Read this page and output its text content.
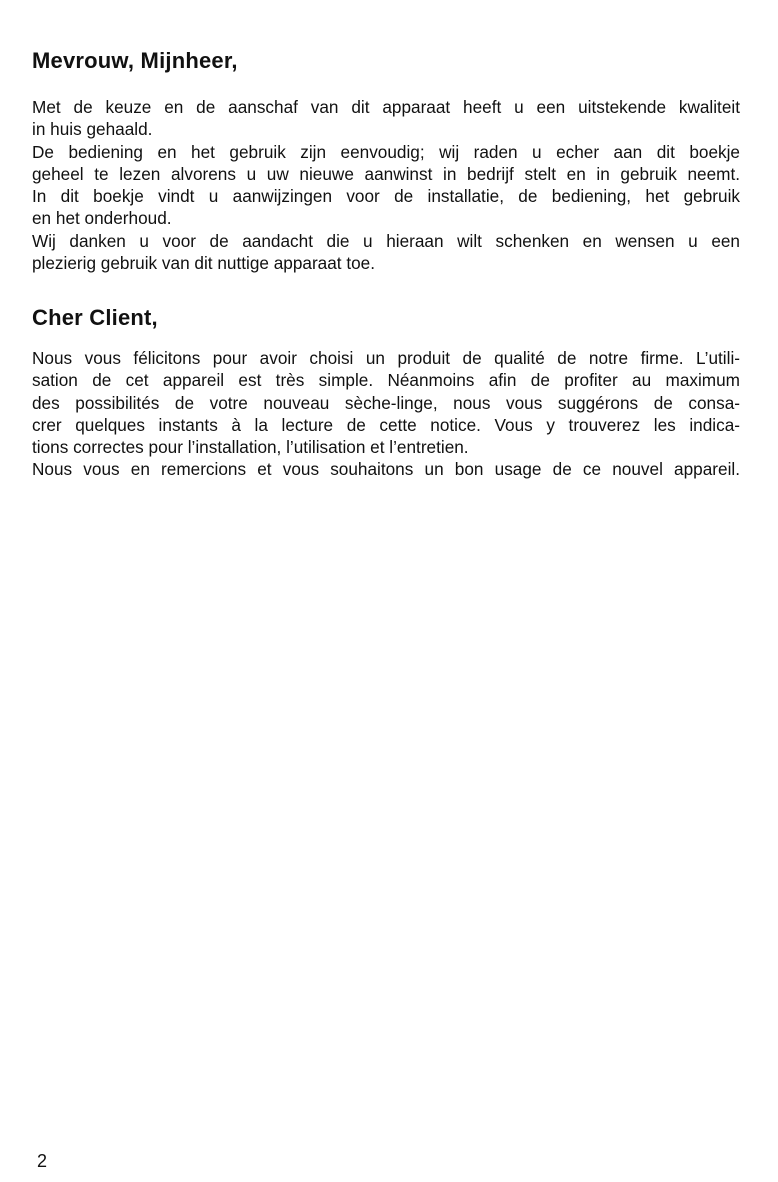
Mevrouw, Mijnheer,
Met de keuze en de aanschaf van dit apparaat heeft u een uitstekende kwaliteit
in huis gehaald.
De bediening en het gebruik zijn eenvoudig; wij raden u echer aan dit boekje
geheel te lezen alvorens u uw nieuwe aanwinst in bedrijf stelt en in gebruik neemt.
In dit boekje vindt u aanwijzingen voor de installatie, de bediening, het gebruik
en het onderhoud.
Wij danken u voor de aandacht die u hieraan wilt schenken en wensen u een
plezierig gebruik van dit nuttige apparaat toe.
Cher Client,
Nous vous félicitons pour avoir choisi un produit de qualité de notre firme. L’utili-
sation de cet appareil est très simple. Néanmoins afin de profiter au maximum
des possibilités de votre nouveau sèche-linge, nous vous suggérons de consa-
crer quelques instants à la lecture de cette notice. Vous y trouverez les indica-
tions correctes pour l’installation, l’utilisation et l’entretien.
Nous vous en remercions et vous souhaitons un bon usage de ce nouvel appareil.
2
